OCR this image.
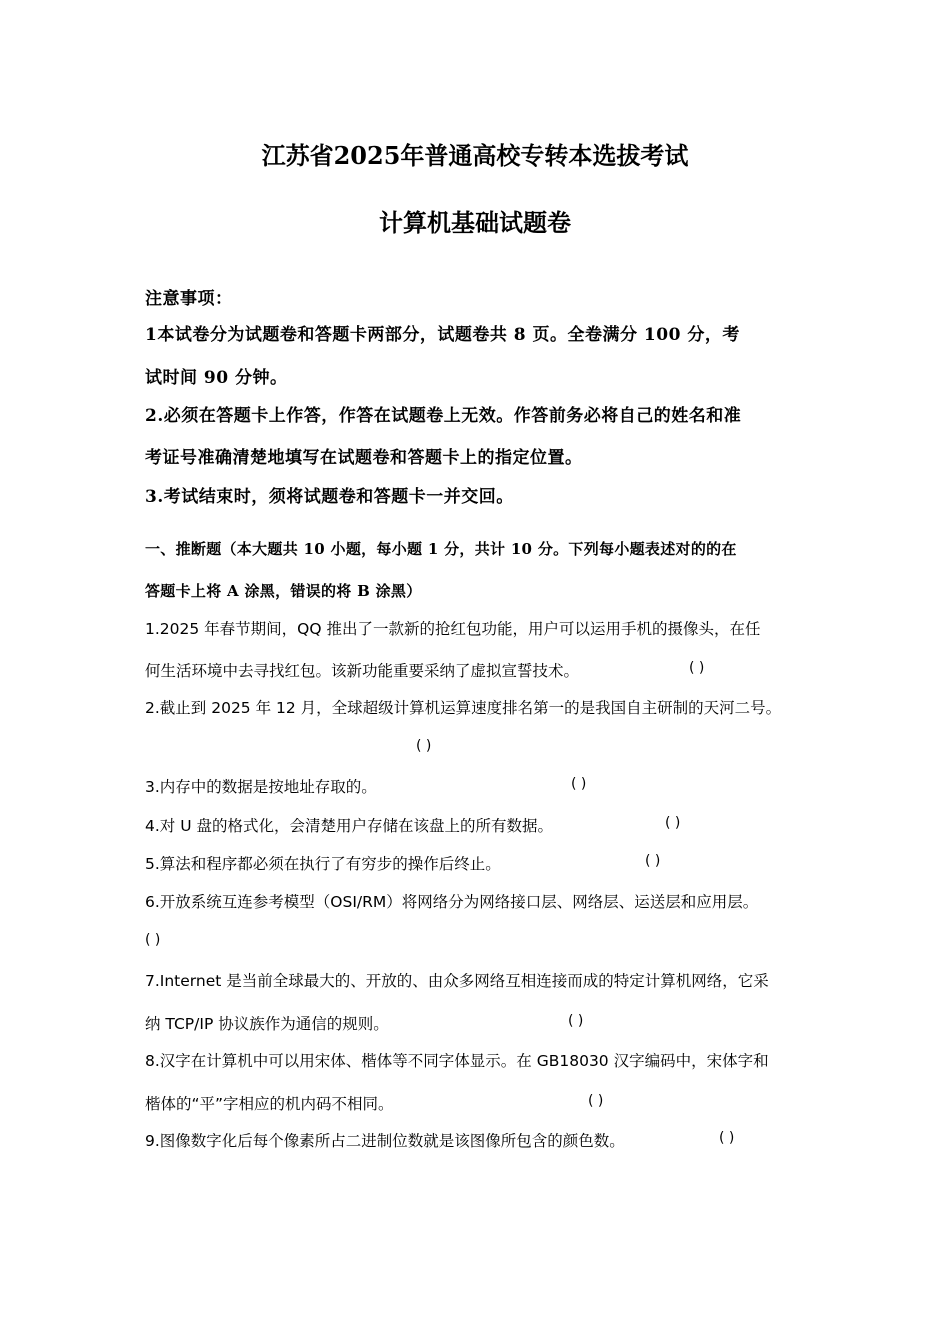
江苏省2025年普通高校专转本选拔考试
计算机基础试题卷
注意事项：
1本试卷分为试题卷和答题卡两部分，试题卷共 8 页。全卷满分 100 分，考
试时间 90 分钟。
2.必须在答题卡上作答，作答在试题卷上无效。作答前务必将自己的姓名和准
考证号准确清楚地填写在试题卷和答题卡上的指定位置。
3.考试结束时，须将试题卷和答题卡一并交回。
一、推断题（本大题共 10 小题，每小题 1 分，共计 10 分。下列每小题表述对的的在
答题卡上将 A 涂黑，错误的将 B 涂黑）
1.2025 年春节期间，QQ 推出了一款新的抢红包功能，用户可以运用手机的摄像头，在任
何生活环境中去寻找红包。该新功能重要采纳了虚拟宣誓技术。	( )
2.截止到 2025 年 12 月，全球超级计算机运算速度排名第一的是我国自主研制的天河二号。
( )
3.内存中的数据是按地址存取的。	( )
4.对 U 盘的格式化，会清楚用户存储在该盘上的所有数据。	( )
5.算法和程序都必须在执行了有穷步的操作后终止。	( )
6.开放系统互连参考模型（OSI/RM）将网络分为网络接口层、网络层、运送层和应用层。
( )
7.Internet 是当前全球最大的、开放的、由众多网络互相连接而成的特定计算机网络，它采
纳 TCP/IP 协议族作为通信的规则。	( )
8.汉字在计算机中可以用宋体、楷体等不同字体显示。在 GB18030 汉字编码中，宋体字和
楷体的“平”字相应的机内码不相同。	( )
9.图像数字化后每个像素所占二进制位数就是该图像所包含的颜色数。	( )
